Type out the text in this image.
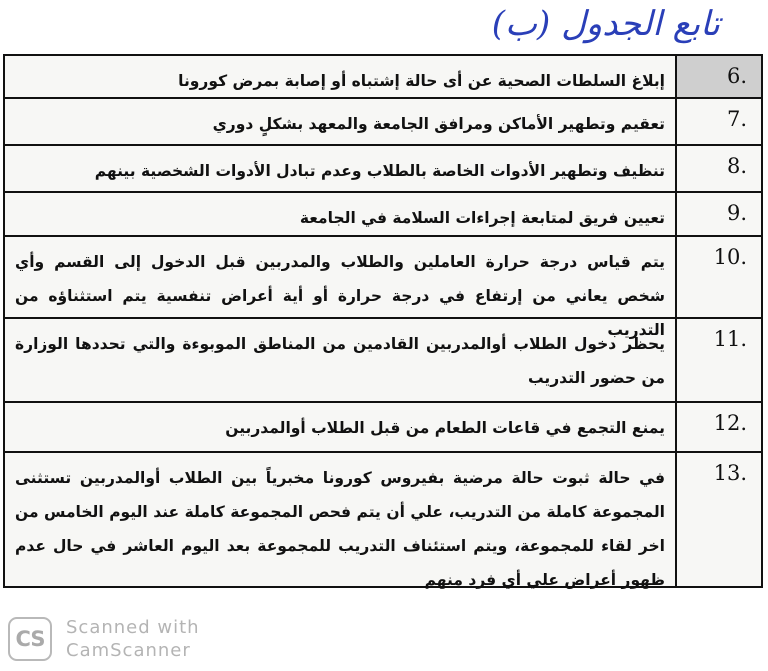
تابع الجدول (ب)
6.
إبلاغ السلطات الصحية عن أى حالة إشتباه أو إصابة بمرض كورونا
7.
تعقيم وتطهير الأماكن ومرافق الجامعة والمعهد بشكلٍ دوري
8.
تنظيف وتطهير الأدوات الخاصة بالطلاب وعدم تبادل الأدوات الشخصية بينهم
9.
تعيين فريق لمتابعة إجراءات السلامة في الجامعة
10.
يتم قياس درجة حرارة العاملين والطلاب والمدربين قبل الدخول إلى القسم وأي شخص يعاني من إرتفاع في درجة حرارة أو أية أعراض تنفسية يتم استثناؤه من التدريب	11.
يحظر دخول الطلاب أوالمدربين القادمين من المناطق الموبوءة والتي تحددها الوزارة من حضور التدريب
12.
يمنع التجمع في قاعات الطعام من قبل الطلاب أوالمدربين
13.
في حالة ثبوت حالة مرضية بفيروس كورونا مخبرياً بين الطلاب أوالمدربين تستثنى المجموعة كاملة من التدريب، علي أن يتم فحص المجموعة كاملة عند اليوم الخامس من اخر لقاء للمجموعة، ويتم استئناف التدريب للمجموعة بعد اليوم العاشر في حال عدم ظهور أعراض علي أي فرد منهم
CS	Scanned with
CamScanner
